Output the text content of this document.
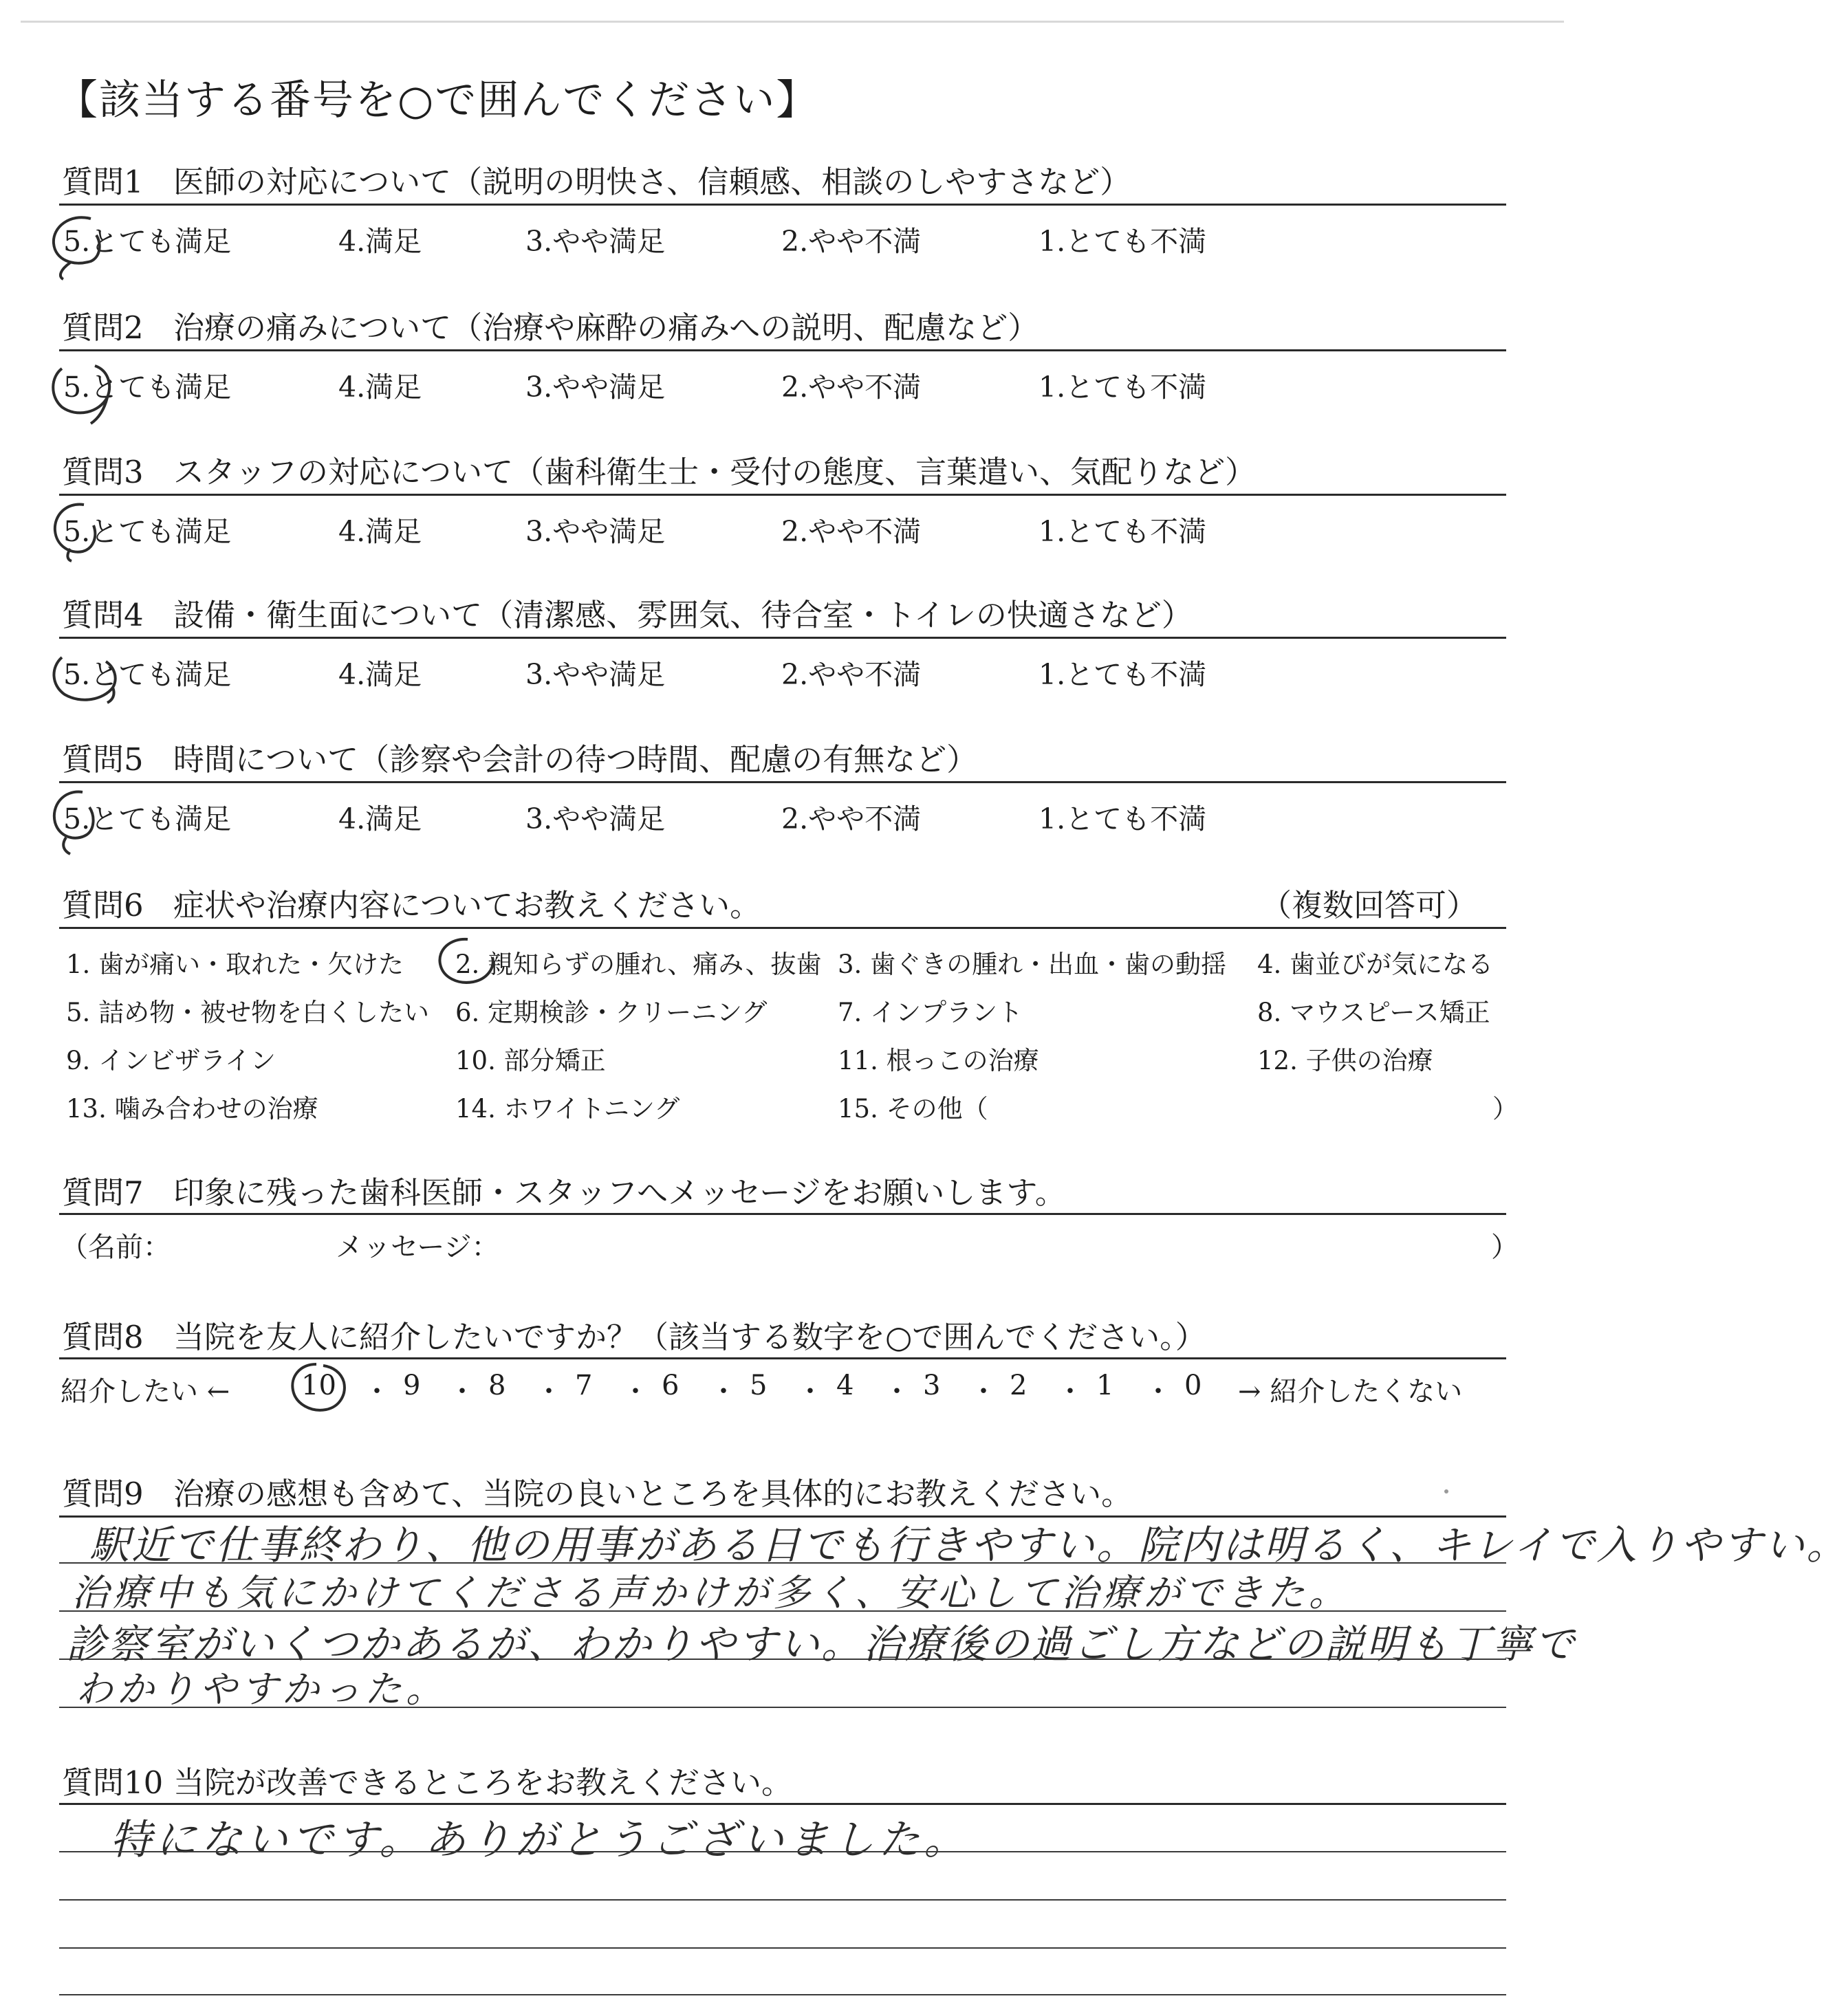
【該当する番号を○で囲んでください】
質問1 医師の対応について（説明の明快さ、信頼感、相談のしやすさなど）
5.とても満足	4.満足	3.やや満足	2.やや不満	1.とても不満
質問2 治療の痛みについて（治療や麻酔の痛みへの説明、配慮など）
5.とても満足	4.満足	3.やや満足	2.やや不満	1.とても不満
質問3 スタッフの対応について（歯科衛生士・受付の態度、言葉遣い、気配りなど）
5.とても満足	4.満足	3.やや満足	2.やや不満	1.とても不満
質問4 設備・衛生面について（清潔感、雰囲気、待合室・トイレの快適さなど）
5.とても満足	4.満足	3.やや満足	2.やや不満	1.とても不満
質問5 時間について（診察や会計の待つ時間、配慮の有無など）
5.とても満足	4.満足	3.やや満足	2.やや不満	1.とても不満
質問6 症状や治療内容についてお教えください。	（複数回答可）
1. 歯が痛い・取れた・欠けた 2. 親知らずの腫れ、痛み、抜歯 3. 歯ぐきの腫れ・出血・歯の動揺 4. 歯並びが気になる
5. 詰め物・被せ物を白くしたい 6. 定期検診・クリーニング	7. インプラント	8. マウスピース矯正
9. インビザライン	10. 部分矯正	11. 根っこの治療	12. 子供の治療
13. 噛み合わせの治療	14. ホワイトニング	15. その他（	）
質問7 印象に残った歯科医師・スタッフへメッセージをお願いします。
（名前：	メッセージ：	）
質問8 当院を友人に紹介したいですか？（該当する数字を○で囲んでください。）
紹介したい ←	10 ・ 9 ・ 8 ・ 7 ・ 6 ・ 5 ・ 4 ・ 3 ・ 2 ・ 1 ・ 0 → 紹介したくない
質問9 治療の感想も含めて、当院の良いところを具体的にお教えください。
駅近で仕事終わり、他の用事がある日でも行きやすい。院内は明るく、キレイで入りやすい。
治療中も気にかけてくださる声かけが多く、安心して治療ができた。
診察室がいくつかあるが、わかりやすい。治療後の過ごし方などの説明も丁寧で
わかりやすかった。
質問10 当院が改善できるところをお教えください。
特にないです。ありがとうございました。
